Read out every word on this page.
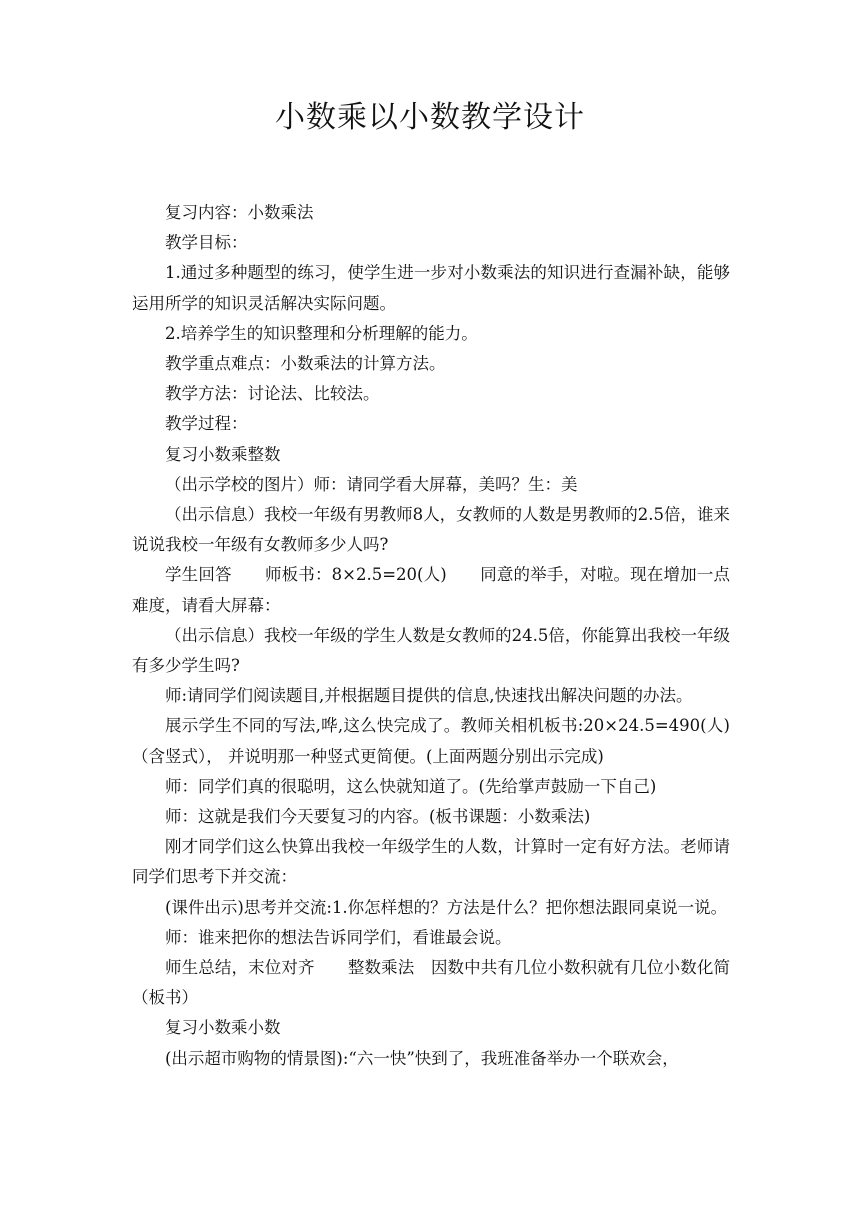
小数乘以小数教学设计

复习内容：小数乘法

教学目标：

1.通过多种题型的练习，使学生进一步对小数乘法的知识进行查漏补缺，能够运用所学的知识灵活解决实际问题。

2.培养学生的知识整理和分析理解的能力。

教学重点难点：小数乘法的计算方法。

教学方法：讨论法、比较法。

教学过程：

复习小数乘整数

（出示学校的图片）师：请同学看大屏幕，美吗？生：美

（出示信息）我校一年级有男教师8人，女教师的人数是男教师的2.5倍，谁来说说我校一年级有女教师多少人吗?

学生回答　　师板书：8×2.5=20(人)　　同意的举手，对啦。现在增加一点难度，请看大屏幕：

（出示信息）我校一年级的学生人数是女教师的24.5倍，你能算出我校一年级有多少学生吗?

师:请同学们阅读题目,并根据题目提供的信息,快速找出解决问题的办法。

展示学生不同的写法,哗,这么快完成了。教师关相机板书:20×24.5=490(人)（含竖式）， 并说明那一种竖式更简便。(上面两题分别出示完成)

师：同学们真的很聪明，这么快就知道了。(先给掌声鼓励一下自己)

师：这就是我们今天要复习的内容。(板书课题：小数乘法)

刚才同学们这么快算出我校一年级学生的人数，计算时一定有好方法。老师请同学们思考下并交流：

(课件出示)思考并交流:1.你怎样想的？方法是什么？把你想法跟同桌说一说。

师：谁来把你的想法告诉同学们，看谁最会说。

师生总结，末位对齐　　整数乘法　因数中共有几位小数积就有几位小数化简（板书）

复习小数乘小数

(出示超市购物的情景图):“六一快”快到了，我班准备举办一个联欢会，
